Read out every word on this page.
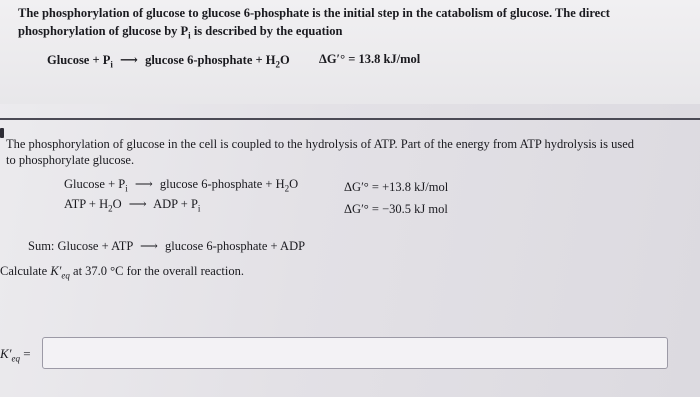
The phosphorylation of glucose to glucose 6-phosphate is the initial step in the catabolism of glucose. The direct
phosphorylation of glucose by $P_i$ is described by the equation
$Glucose + P_i$ ⟶ glucose 6-phosphate + $H_2O$ ΔG′° = 13.8 kJ/mol
The phosphorylation of glucose in the cell is coupled to the hydrolysis of ATP. Part of the energy from ATP hydrolysis is used
to phosphorylate glucose.
$Glucose + P_i$ ⟶ glucose 6-phosphate + $H_2O$	ΔG′° = +13.8 kJ/mol
ATP + $H_2O$ ⟶ ADP + $P_i$	ΔG′° = −30.5 kJ mol
Sum: Glucose + ATP ⟶ glucose 6-phosphate + ADP
Calculate $K'_{eq}$ at 37.0 °C for the overall reaction.
$K'_{eq}$ =
